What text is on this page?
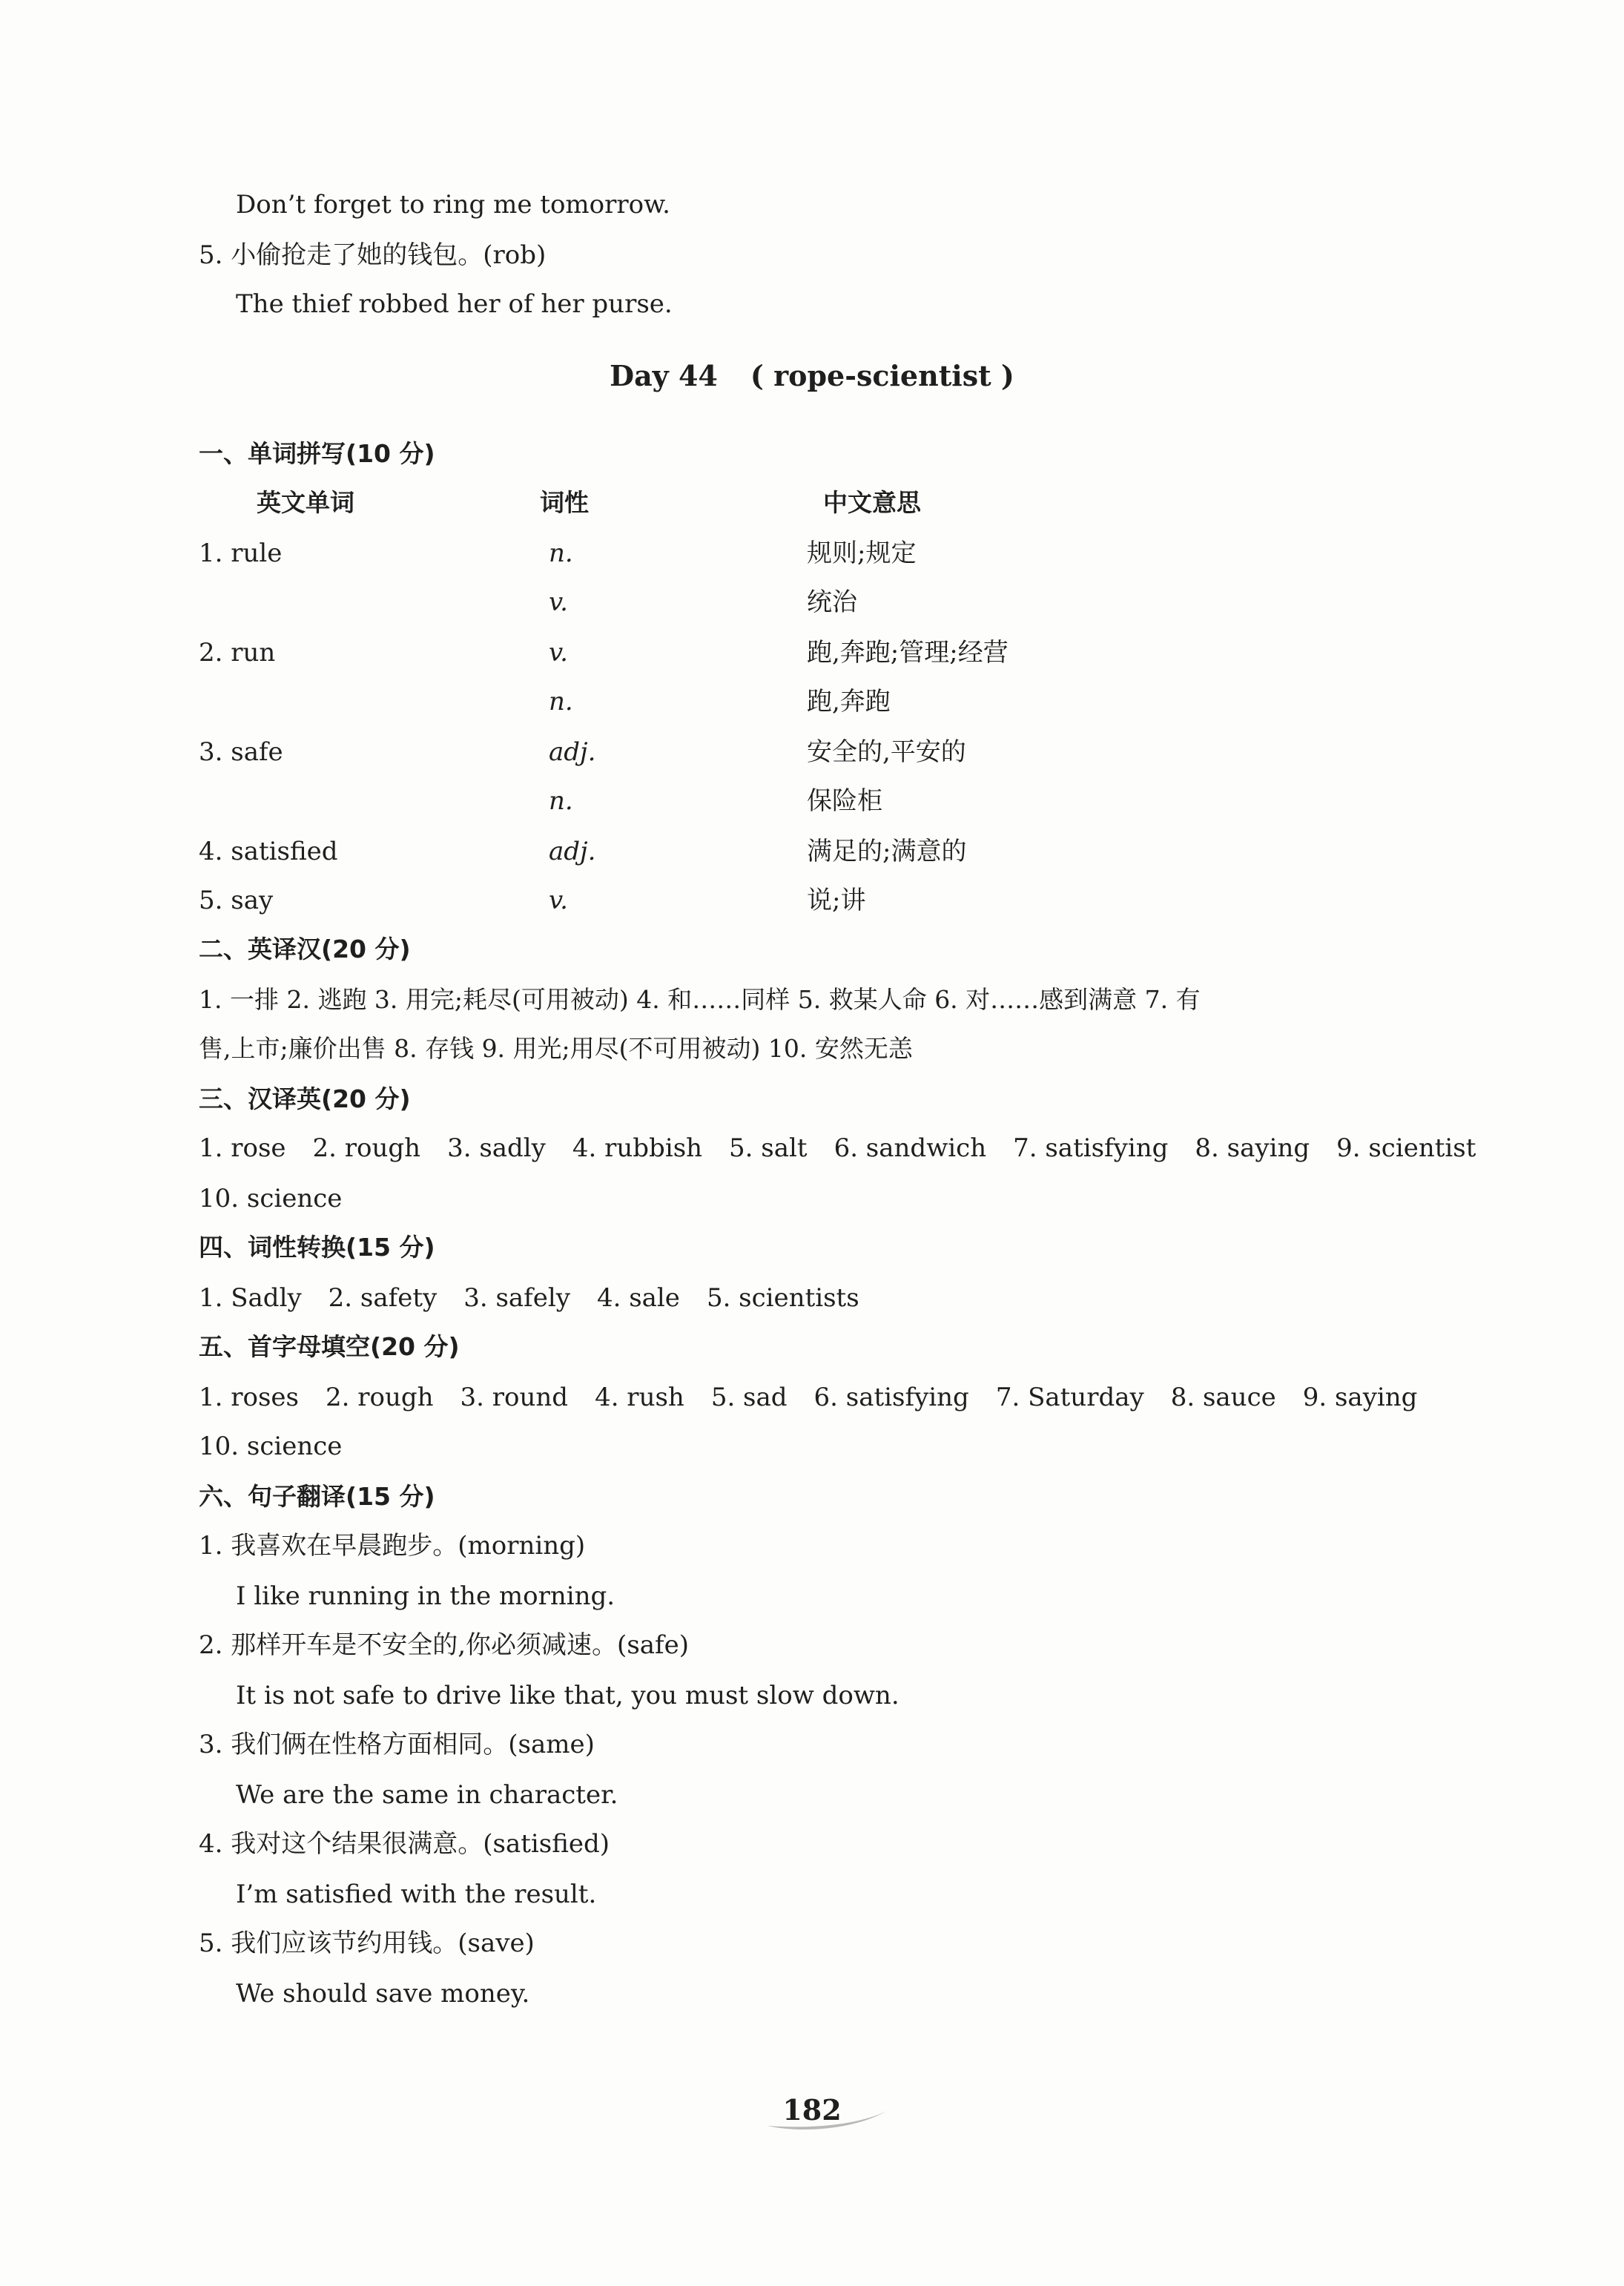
Don’t forget to ring me tomorrow.
5. 小偷抢走了她的钱包。(rob)
The thief robbed her of her purse.
Day 44 ( rope-scientist )
一、单词拼写(10 分)
英文单词	词性	中文意思
1. rule	n.	规则;规定
v.	统治
2. run	v.	跑,奔跑;管理;经营
n.	跑,奔跑
3. safe	adj.	安全的,平安的
n.	保险柜
4. satisfied	adj.	满足的;满意的
5. say	v.	说;讲
二、英译汉(20 分)
1. 一排 2. 逃跑 3. 用完;耗尽(可用被动) 4. 和……同样 5. 救某人命 6. 对……感到满意 7. 有
售,上市;廉价出售 8. 存钱 9. 用光;用尽(不可用被动) 10. 安然无恙
三、汉译英(20 分)
1. rose 2. rough 3. sadly 4. rubbish 5. salt 6. sandwich 7. satisfying 8. saying 9. scientist
10. science
四、词性转换(15 分)
1. Sadly 2. safety 3. safely 4. sale 5. scientists
五、首字母填空(20 分)
1. roses 2. rough 3. round 4. rush 5. sad 6. satisfying 7. Saturday 8. sauce 9. saying
10. science
六、句子翻译(15 分)
1. 我喜欢在早晨跑步。(morning)
I like running in the morning.
2. 那样开车是不安全的,你必须减速。(safe)
It is not safe to drive like that, you must slow down.
3. 我们俩在性格方面相同。(same)
We are the same in character.
4. 我对这个结果很满意。(satisfied)
I’m satisfied with the result.
5. 我们应该节约用钱。(save)
We should save money.
182
